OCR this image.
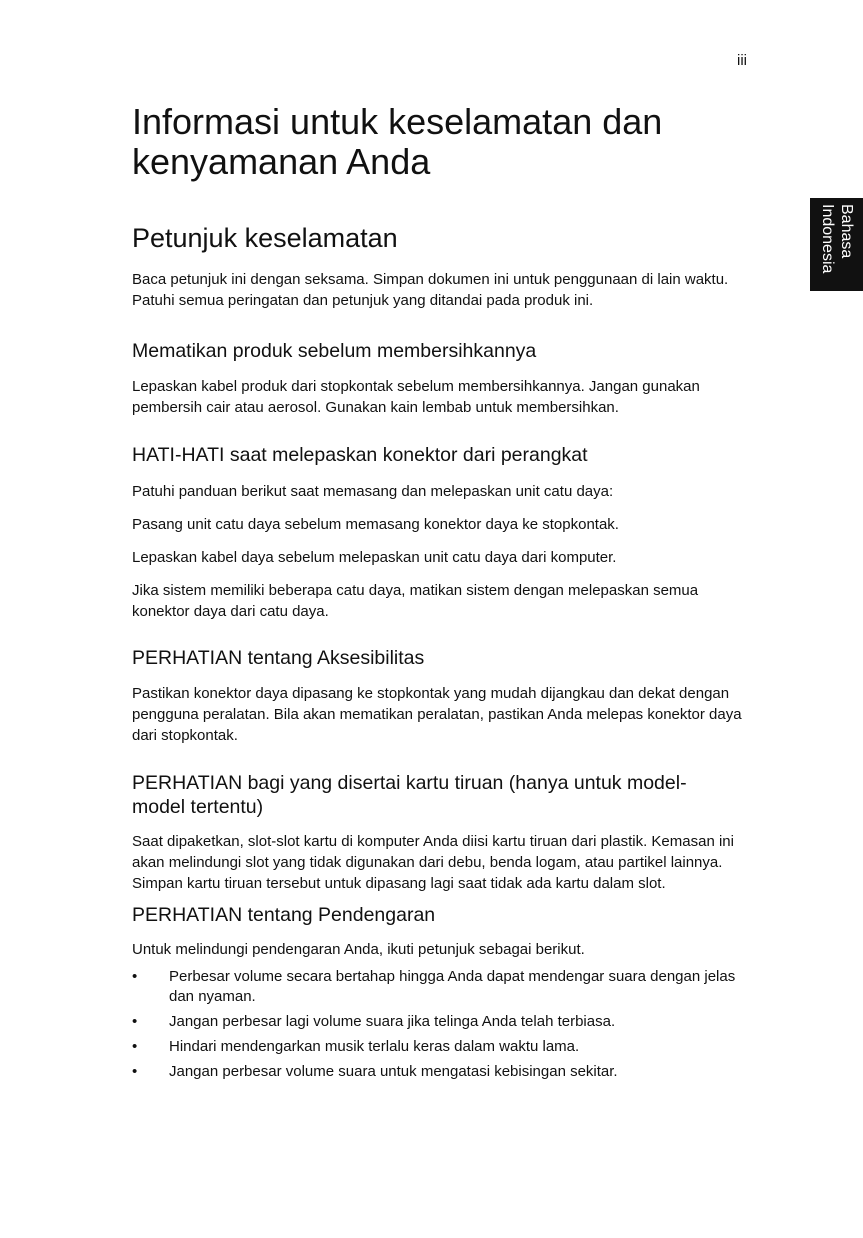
iii
Bahasa
Indonesia
Informasi untuk keselamatan dan kenyamanan Anda
Petunjuk keselamatan

Baca petunjuk ini dengan seksama. Simpan dokumen ini untuk penggunaan di lain waktu. Patuhi semua peringatan dan petunjuk yang ditandai pada produk ini.

Mematikan produk sebelum membersihkannya

Lepaskan kabel produk dari stopkontak sebelum membersihkannya. Jangan gunakan pembersih cair atau aerosol. Gunakan kain lembab untuk membersihkan.

HATI-HATI saat melepaskan konektor dari perangkat

Patuhi panduan berikut saat memasang dan melepaskan unit catu daya:

Pasang unit catu daya sebelum memasang konektor daya ke stopkontak.

Lepaskan kabel daya sebelum melepaskan unit catu daya dari komputer.

Jika sistem memiliki beberapa catu daya, matikan sistem dengan melepaskan semua konektor daya dari catu daya.

PERHATIAN tentang Aksesibilitas

Pastikan konektor daya dipasang ke stopkontak yang mudah dijangkau dan dekat dengan pengguna peralatan. Bila akan mematikan peralatan, pastikan Anda melepas konektor daya dari stopkontak.

PERHATIAN bagi yang disertai kartu tiruan (hanya untuk model-model tertentu)

Saat dipaketkan, slot-slot kartu di komputer Anda diisi kartu tiruan dari plastik. Kemasan ini akan melindungi slot yang tidak digunakan dari debu, benda logam, atau partikel lainnya. Simpan kartu tiruan tersebut untuk dipasang lagi saat tidak ada kartu dalam slot.

PERHATIAN tentang Pendengaran

Untuk melindungi pendengaran Anda, ikuti petunjuk sebagai berikut.

• Perbesar volume secara bertahap hingga Anda dapat mendengar suara dengan jelas dan nyaman.
• Jangan perbesar lagi volume suara jika telinga Anda telah terbiasa.
• Hindari mendengarkan musik terlalu keras dalam waktu lama.
• Jangan perbesar volume suara untuk mengatasi kebisingan sekitar.
